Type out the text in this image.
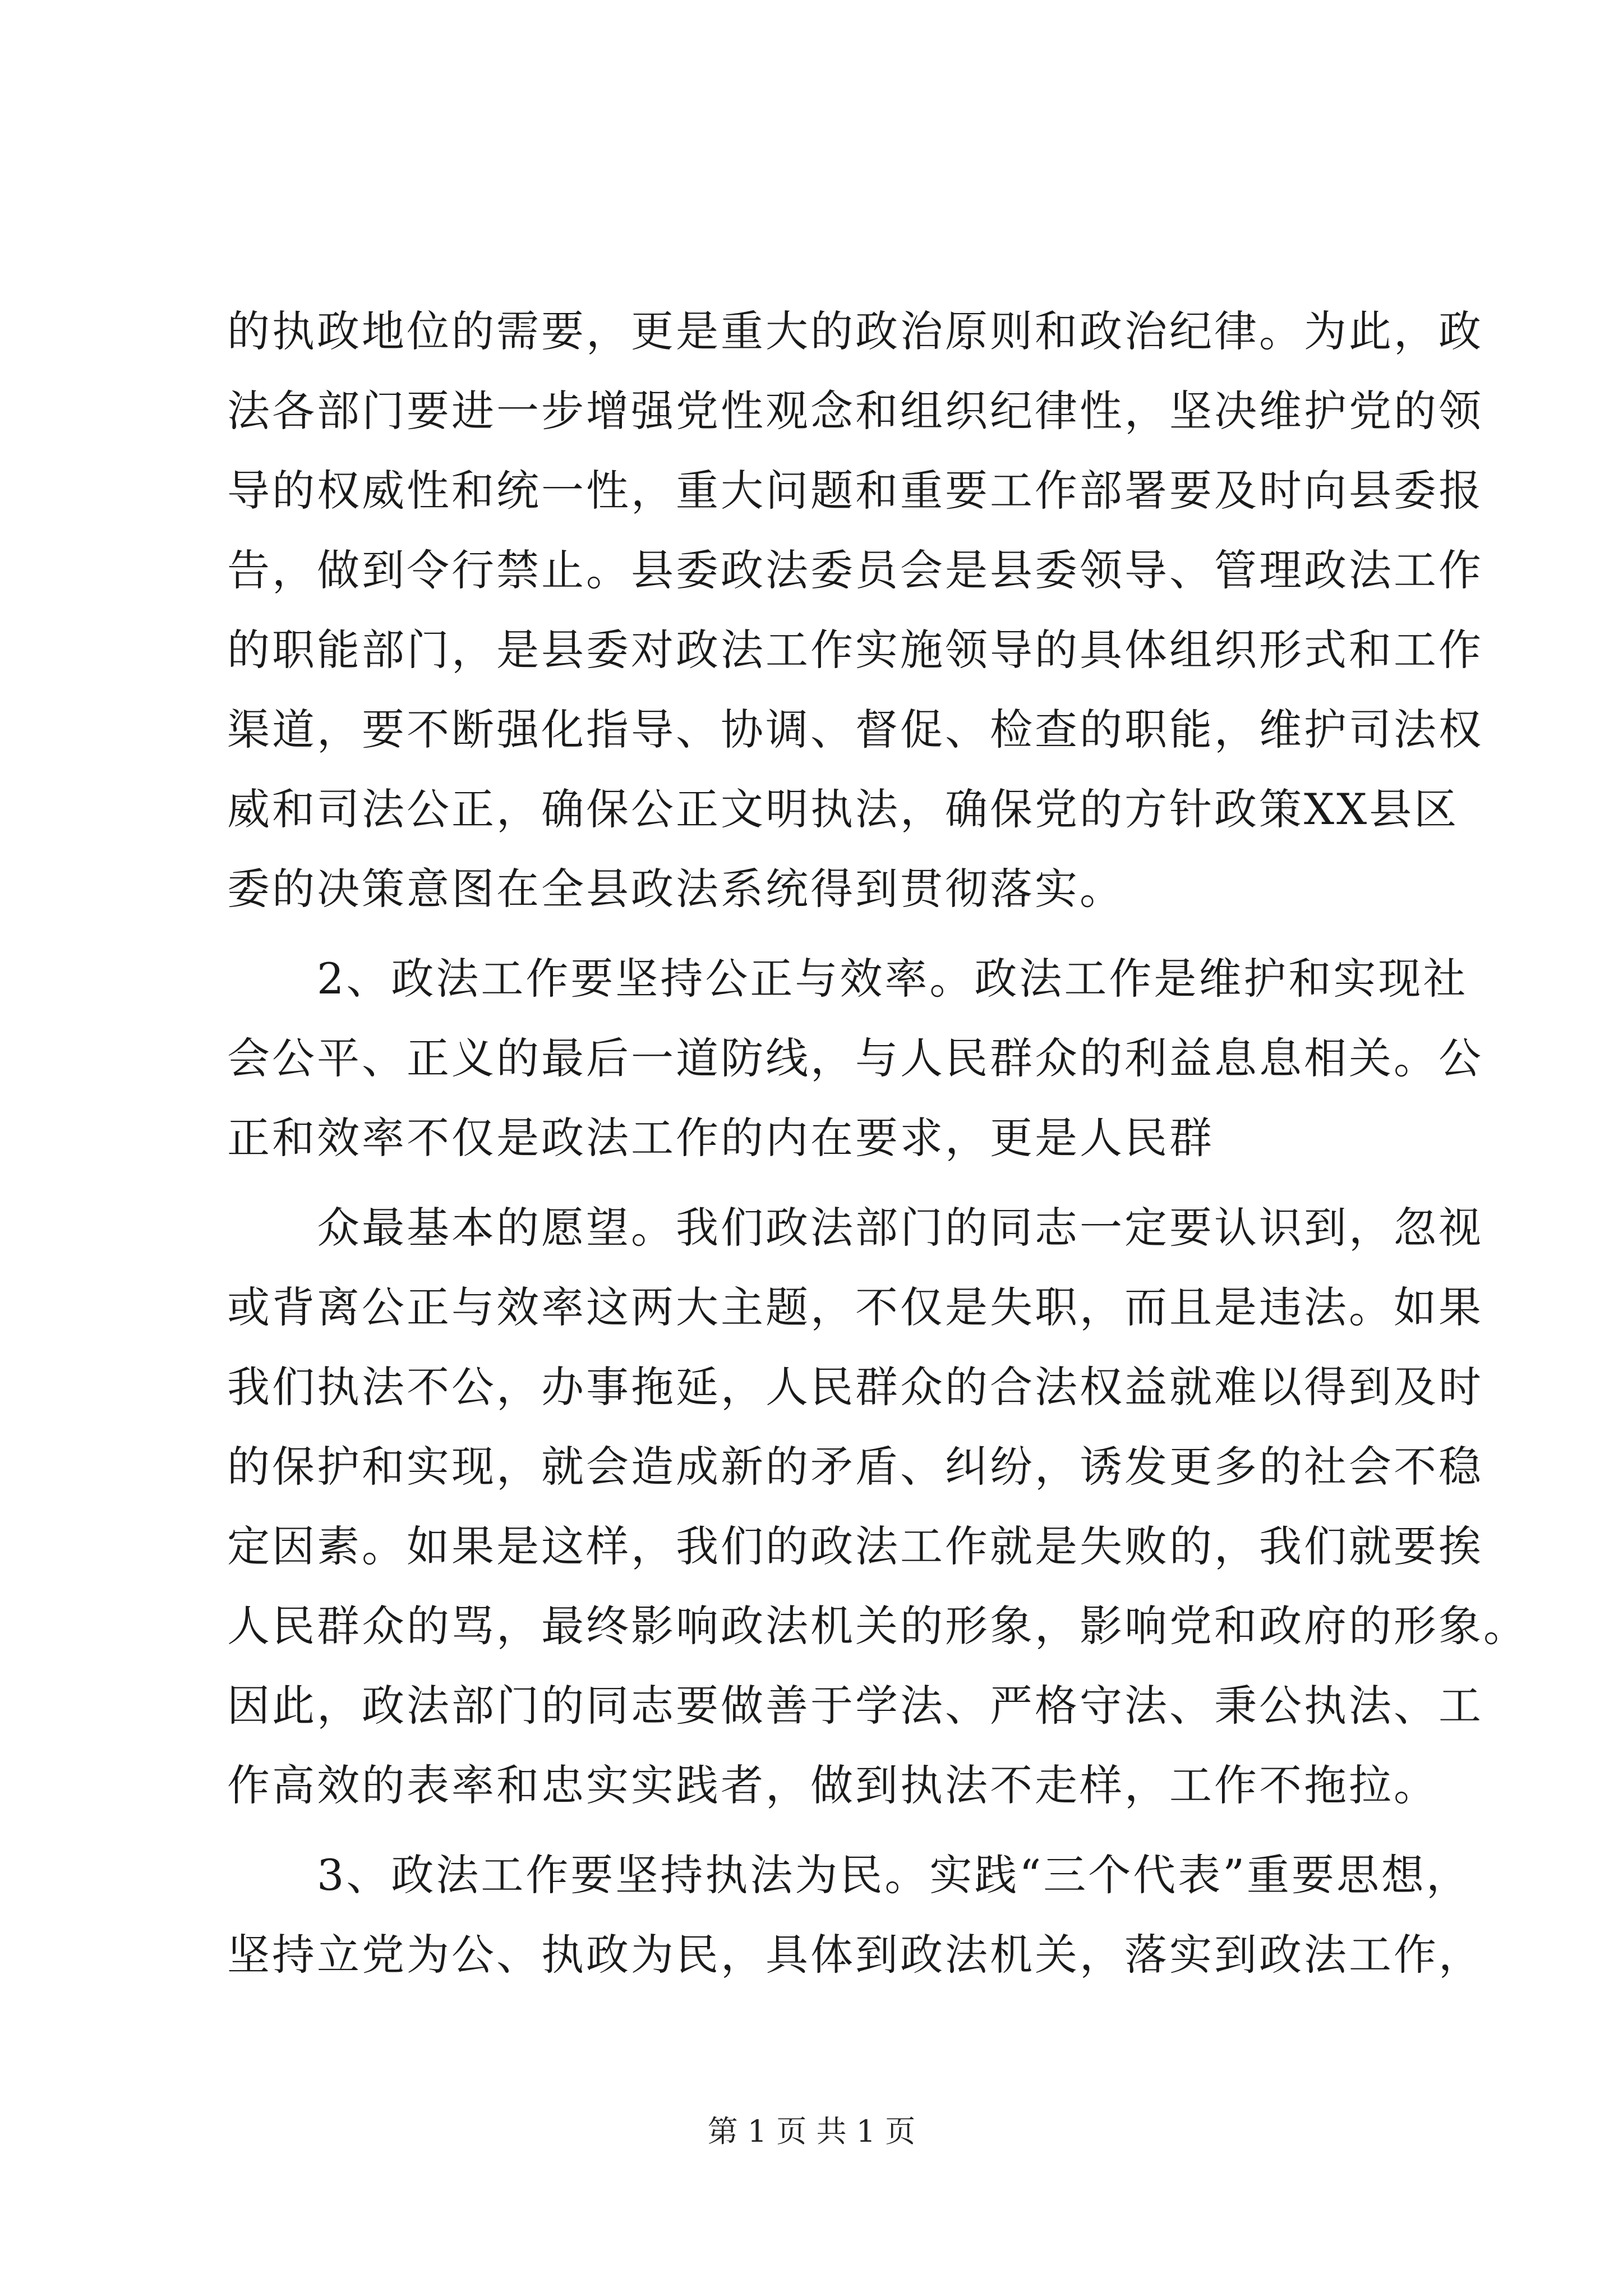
的执政地位的需要，更是重大的政治原则和政治纪律。为此，政
法各部门要进一步增强党性观念和组织纪律性，坚决维护党的领
导的权威性和统一性，重大问题和重要工作部署要及时向县委报
告，做到令行禁止。县委政法委员会是县委领导、管理政法工作
的职能部门，是县委对政法工作实施领导的具体组织形式和工作
渠道，要不断强化指导、协调、督促、检查的职能，维护司法权
威和司法公正，确保公正文明执法，确保党的方针政策XX县区
委的决策意图在全县政法系统得到贯彻落实。
　　2、政法工作要坚持公正与效率。政法工作是维护和实现社
会公平、正义的最后一道防线，与人民群众的利益息息相关。公
正和效率不仅是政法工作的内在要求，更是人民群
　　众最基本的愿望。我们政法部门的同志一定要认识到，忽视
或背离公正与效率这两大主题，不仅是失职，而且是违法。如果
我们执法不公，办事拖延，人民群众的合法权益就难以得到及时
的保护和实现，就会造成新的矛盾、纠纷，诱发更多的社会不稳
定因素。如果是这样，我们的政法工作就是失败的，我们就要挨
人民群众的骂，最终影响政法机关的形象，影响党和政府的形象。
因此，政法部门的同志要做善于学法、严格守法、秉公执法、工
作高效的表率和忠实实践者，做到执法不走样，工作不拖拉。
　　3、政法工作要坚持执法为民。实践“三个代表”重要思想，
坚持立党为公、执政为民，具体到政法机关，落实到政法工作，
第 1 页 共 1 页
